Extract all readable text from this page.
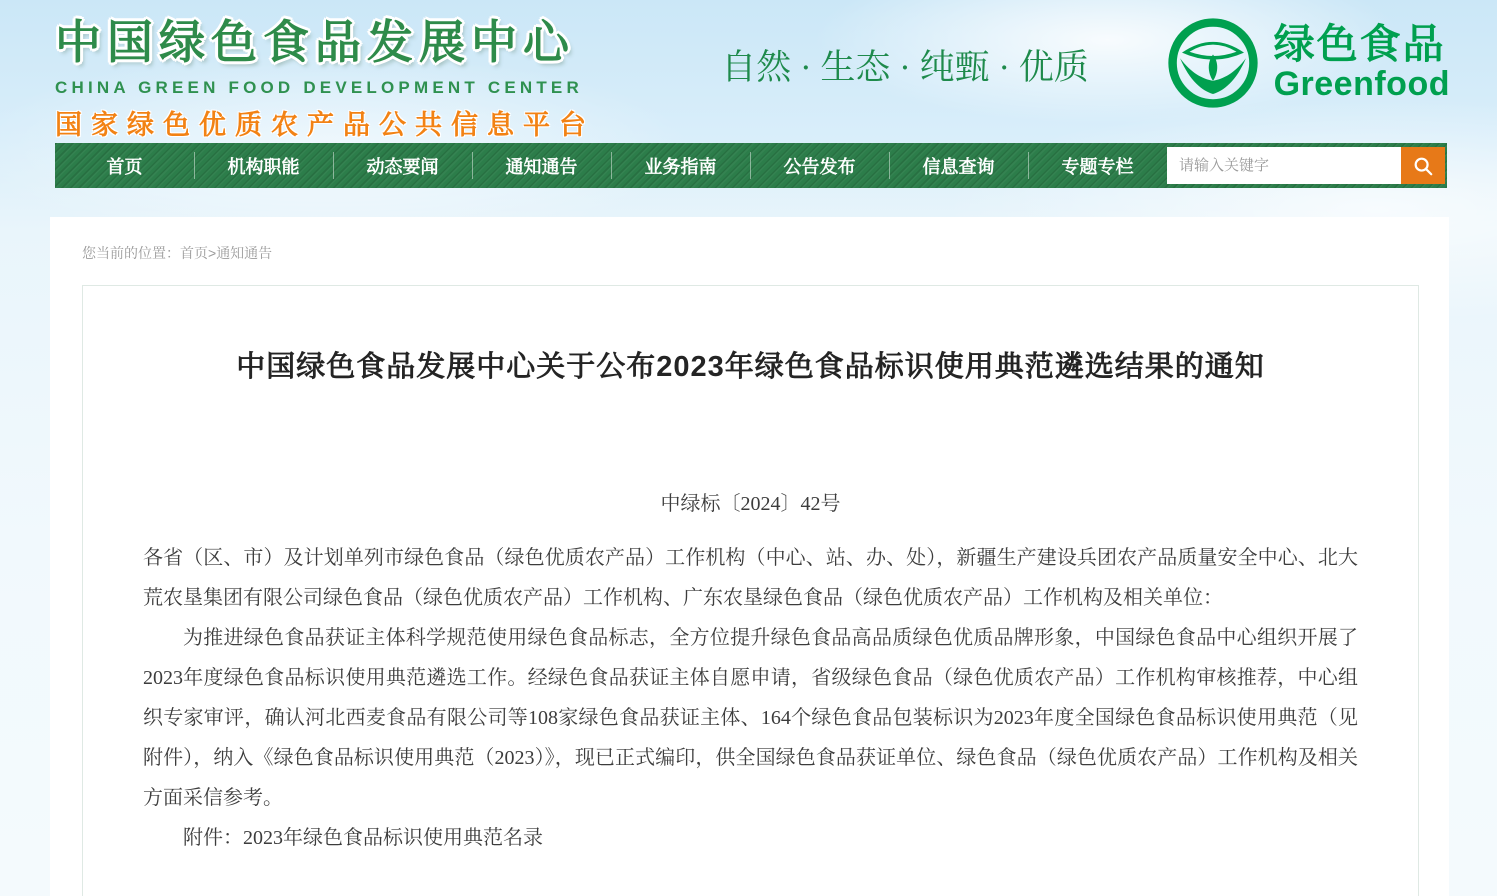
中国绿色食品发展中心
CHINA GREEN FOOD DEVELOPMENT CENTER
国家绿色优质农产品公共信息平台
自然 · 生态 · 纯甄 · 优质
绿色食品
Greenfood
首页	机构职能	动态要闻	通知通告	业务指南	公告发布	信息查询	专题专栏
请输入关键字
您当前的位置：首页>通知通告
中国绿色食品发展中心关于公布2023年绿色食品标识使用典范遴选结果的通知

中绿标〔2024〕42号

各省（区、市）及计划单列市绿色食品（绿色优质农产品）工作机构（中心、站、办、处），新疆生产建设兵团农产品质量安全中心、北大荒农垦集团有限公司绿色食品（绿色优质农产品）工作机构、广东农垦绿色食品（绿色优质农产品）工作机构及相关单位：

为推进绿色食品获证主体科学规范使用绿色食品标志，全方位提升绿色食品高品质绿色优质品牌形象，中国绿色食品中心组织开展了2023年度绿色食品标识使用典范遴选工作。经绿色食品获证主体自愿申请，省级绿色食品（绿色优质农产品）工作机构审核推荐，中心组织专家审评，确认河北西麦食品有限公司等108家绿色食品获证主体、164个绿色食品包装标识为2023年度全国绿色食品标识使用典范（见附件），纳入《绿色食品标识使用典范（2023）》，现已正式编印，供全国绿色食品获证单位、绿色食品（绿色优质农产品）工作机构及相关方面采信参考。

附件：2023年绿色食品标识使用典范名录
